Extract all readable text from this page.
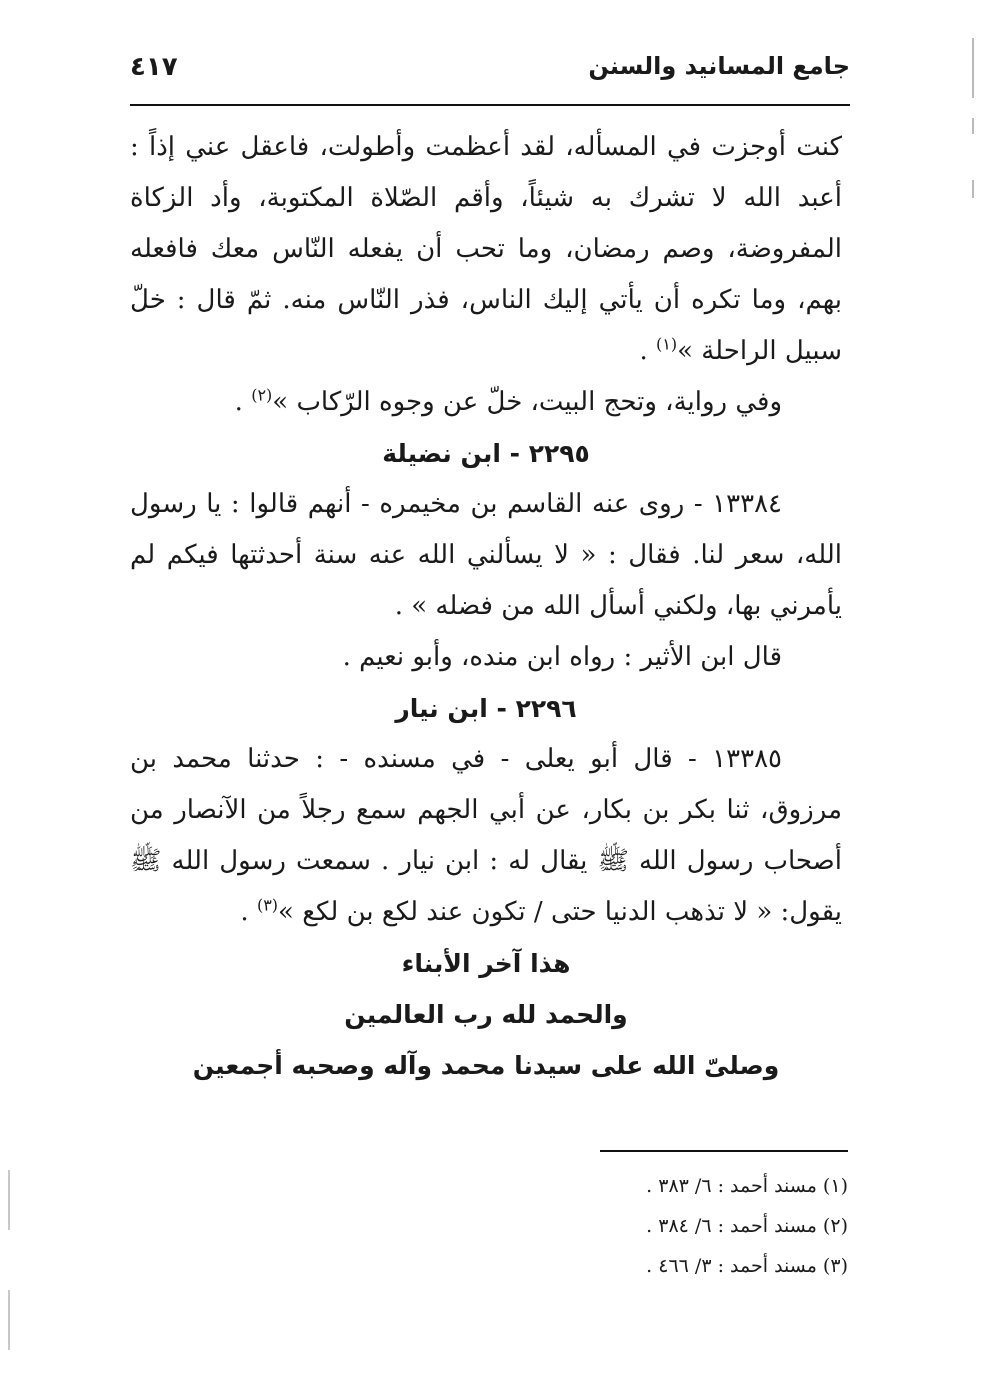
جامع المسانيد والسنن
٤١٧

كنت أوجزت في المسأله، لقد أعظمت وأطولت، فاعقل عني إذاً : أعبد الله لا تشرك به شيئاً، وأقم الصّلاة المكتوبة، وأد الزكاة المفروضة، وصم رمضان، وما تحب أن يفعله النّاس معك فافعله بهم، وما تكره أن يأتي إليك الناس، فذر النّاس منه. ثمّ قال : خلّ سبيل الراحلة »$^{(١)}$ .

وفي رواية، وتحج البيت، خلّ عن وجوه الرّكاب »$^{(٢)}$ .

٢٢٩٥ - ابن نضيلة

١٣٣٨٤ - روى عنه القاسم بن مخيمره - أنهم قالوا : يا رسول الله، سعر لنا. فقال : « لا يسألني الله عنه سنة أحدثتها فيكم لم يأمرني بها، ولكني أسأل الله من فضله » .

قال ابن الأثير : رواه ابن منده، وأبو نعيم .

٢٢٩٦ - ابن نيار

١٣٣٨٥ - قال أبو يعلى - في مسنده - : حدثنا محمد بن مرزوق، ثنا بكر بن بكار، عن أبي الجهم سمع رجلاً من الآنصار من أصحاب رسول الله ﷺ يقال له : ابن نيار . سمعت رسول الله ﷺ يقول: « لا تذهب الدنيا حتى / تكون عند لكع بن لكع »$^{(٣)}$ .

هذا آخر الأبناء

والحمد لله رب العالمين

وصلىّ الله على سيدنا محمد وآله وصحبه أجمعين

(١) مسند أحمد : ٦/ ٣٨٣ .

(٢) مسند أحمد : ٦/ ٣٨٤ .

(٣) مسند أحمد : ٣/ ٤٦٦ .
